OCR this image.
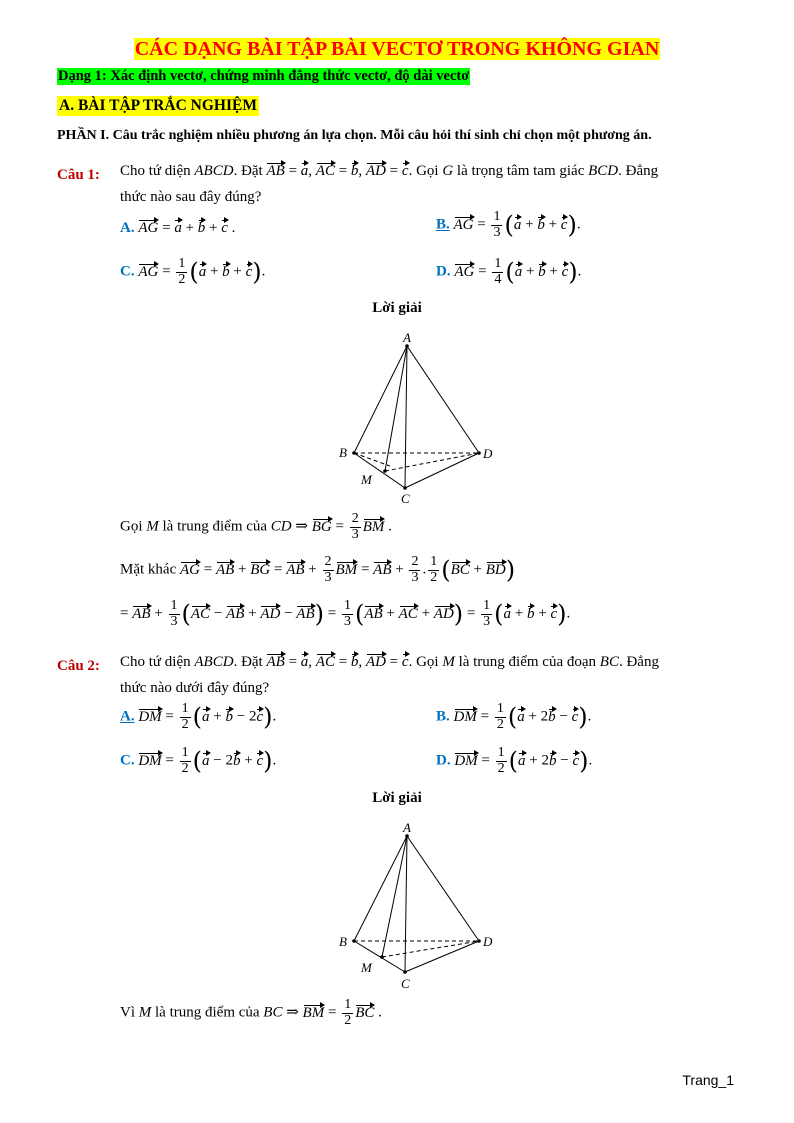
CÁC DẠNG BÀI TẬP BÀI VECTƠ TRONG KHÔNG GIAN
Dạng 1: Xác định vectơ, chứng minh đẳng thức vectơ, độ dài vectơ
A. BÀI TẬP TRẮC NGHIỆM
PHẦN I. Câu trắc nghiệm nhiều phương án lựa chọn. Mỗi câu hỏi thí sinh chỉ chọn một phương án.
Câu 1: Cho tứ diện ABCD. Đặt AB = a, AC = b, AD = c. Gọi G là trọng tâm tam giác BCD. Đẳng
thức nào sau đây đúng?
A. AG = a + b + c .	B. AG = $\frac{1}{3} (a + b + c)$.
C. AG = $\frac{1}{2} (a + b + c)$.	D. AG = $\frac{1}{4} (a + b + c)$.
Lời giải
A
B	D
C
M
Gọi M là trung điểm của CD ⇒ BG = $\frac{2}{3}$ BM .
Mặt khác AG = AB + BG = AB + $\frac{2}{3}$ BM = AB + $\frac{2}{3}$ . $\frac{1}{2} (BC + BD)$
= AB + $\frac{1}{3} (AC$ − AB + AD − $AB) = \frac{1}{3} (AB$ + AC + $AD) = \frac{1}{3} (a + b + c)$.
Câu 2: Cho tứ diện ABCD. Đặt AB = a, AC = b, AD = c. Gọi M là trung điểm của đoạn BC. Đẳng
thức nào dưới đây đúng?
A. DM = $\frac{1}{2} (a + b - 2c)$.	B. DM = $\frac{1}{2} (a + 2b - c)$.
C. DM = $\frac{1}{2} (a - 2b + c)$.	D. DM = $\frac{1}{2} (a + 2b - c)$.
Lời giải
A
B	D
C
M
Vì M là trung điểm của BC ⇒ BM = $\frac{1}{2}$ BC .
Trang_1
